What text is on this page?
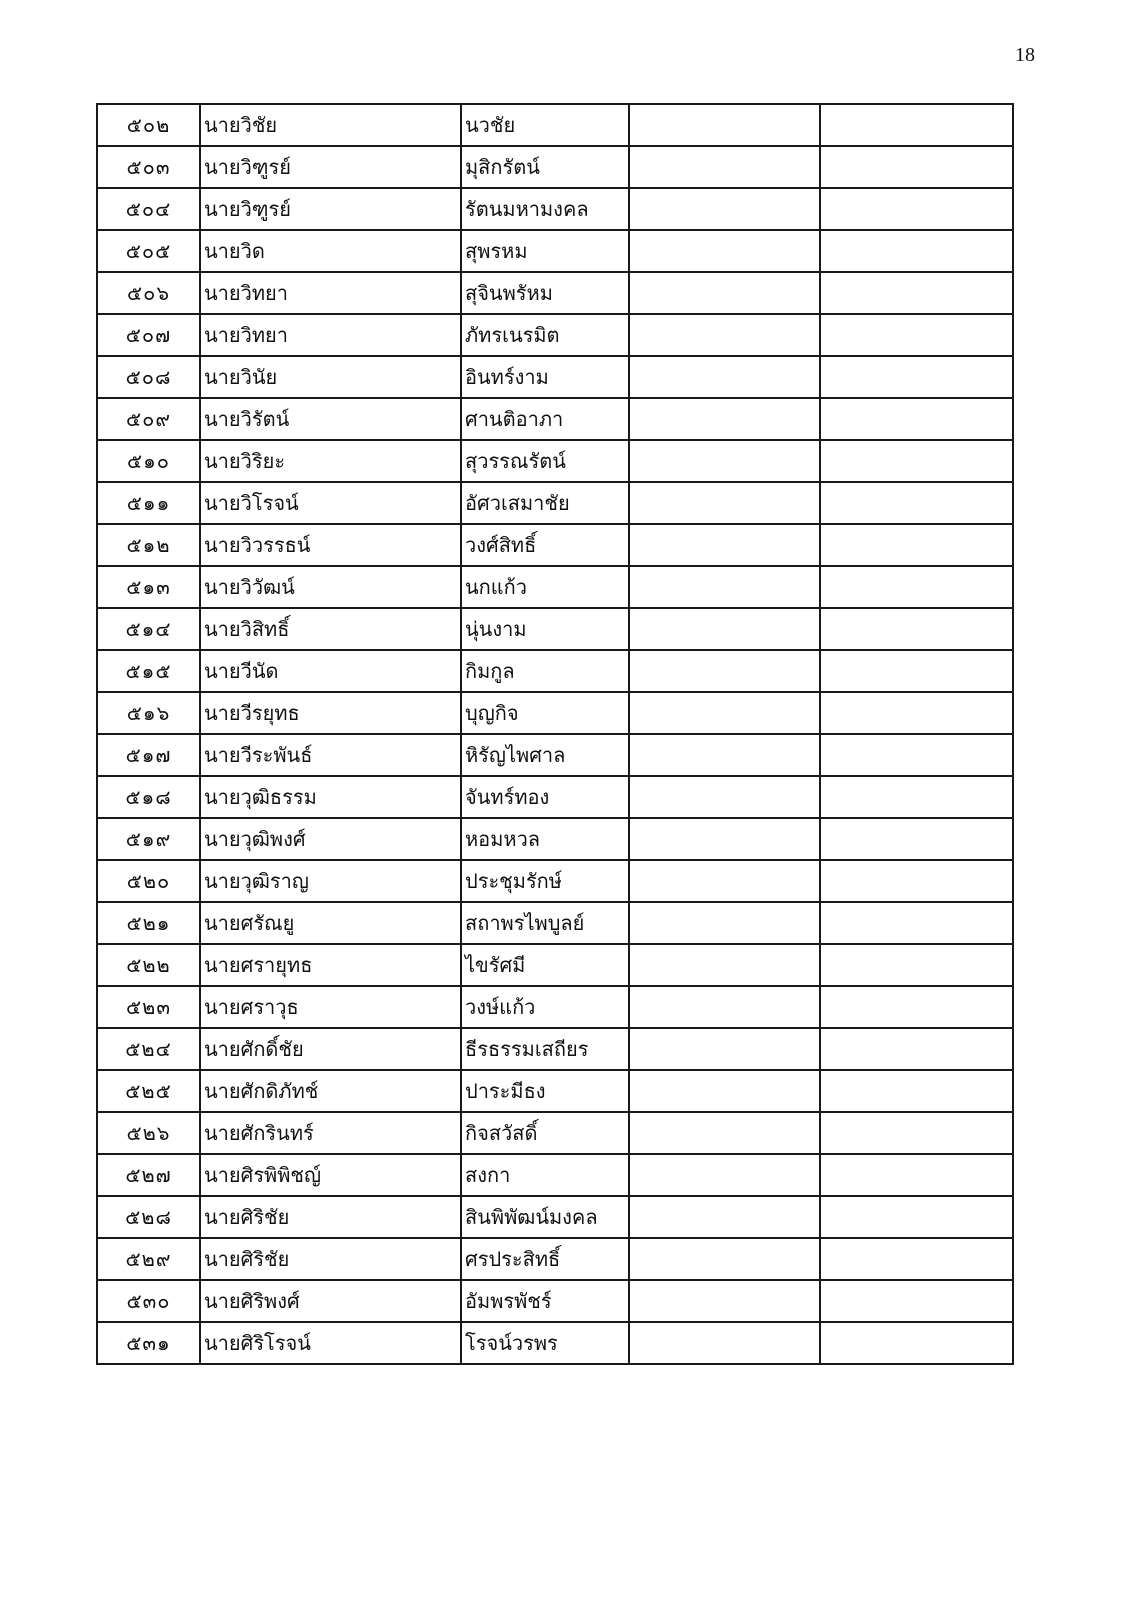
18
๕๐๒	นายวิชัย	นวชัย		
๕๐๓	นายวิฑูรย์	มุสิกรัตน์		
๕๐๔	นายวิฑูรย์	รัตนมหามงคล		
๕๐๕	นายวิด	สุพรหม		
๕๐๖	นายวิทยา	สุจินพรัหม		
๕๐๗	นายวิทยา	ภัทรเนรมิต		
๕๐๘	นายวินัย	อินทร์งาม		
๕๐๙	นายวิรัตน์	ศานติอาภา		
๕๑๐	นายวิริยะ	สุวรรณรัตน์		
๕๑๑	นายวิโรจน์	อัศวเสมาชัย		
๕๑๒	นายวิวรรธน์	วงศ์สิทธิ์		
๕๑๓	นายวิวัฒน์	นกแก้ว		
๕๑๔	นายวิสิทธิ์	นุ่นงาม		
๕๑๕	นายวีนัด	กิมกูล		
๕๑๖	นายวีรยุทธ	บุญกิจ		
๕๑๗	นายวีระพันธ์	หิรัญไพศาล		
๕๑๘	นายวุฒิธรรม	จันทร์ทอง		
๕๑๙	นายวุฒิพงศ์	หอมหวล		
๕๒๐	นายวุฒิราญ	ประชุมรักษ์		
๕๒๑	นายศรัณยู	สถาพรไพบูลย์		
๕๒๒	นายศรายุทธ	ไขรัศมี		
๕๒๓	นายศราวุธ	วงษ์แก้ว		
๕๒๔	นายศักดิ์ชัย	ธีรธรรมเสถียร		
๕๒๕	นายศักดิภัทช์	ปาระมีธง		
๕๒๖	นายศักรินทร์	กิจสวัสดิ์		
๕๒๗	นายศิรพิพิชญ์	สงกา		
๕๒๘	นายศิริชัย	สินพิพัฒน์มงคล		
๕๒๙	นายศิริชัย	ศรประสิทธิ์		
๕๓๐	นายศิริพงศ์	อัมพรพัชร์		
๕๓๑	นายศิริโรจน์	โรจน์วรพร		
